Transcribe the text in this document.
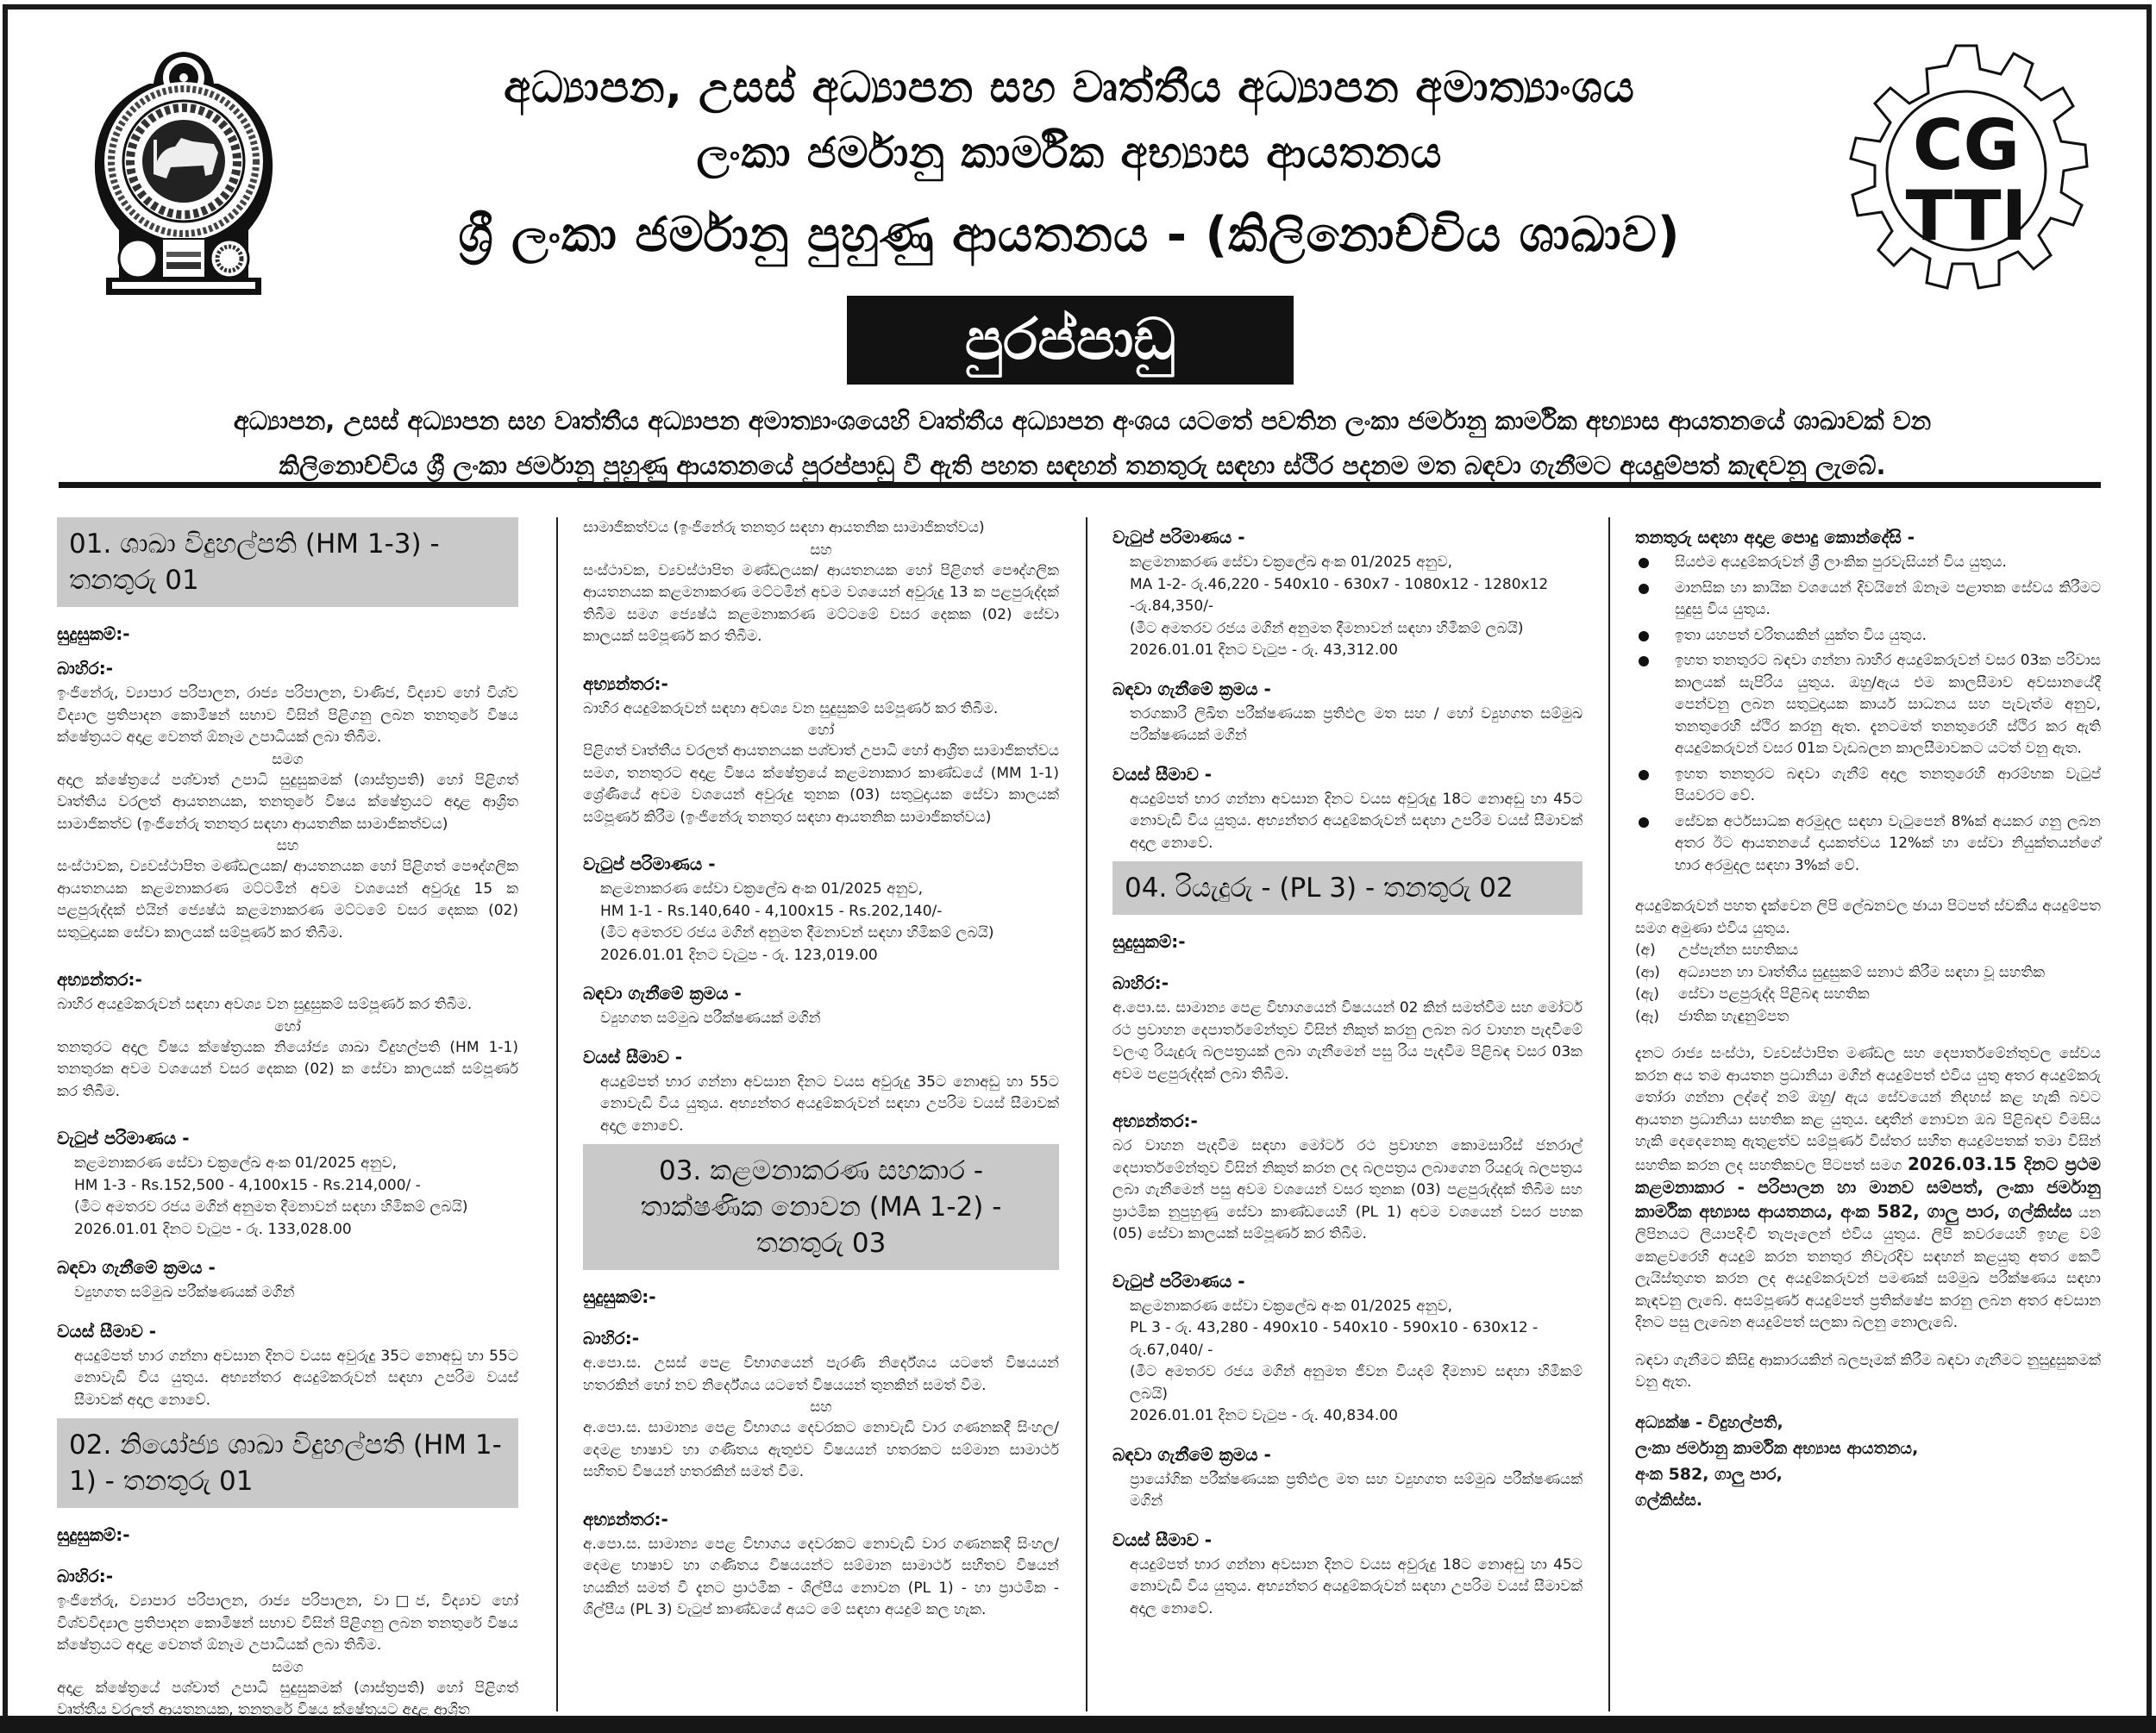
CG
TTI
අධ්‍යාපන, උසස් අධ්‍යාපන සහ වෘත්තීය අධ්‍යාපන අමාත්‍යාංශය
ලංකා ජර්මානු කාර්මික අභ්‍යාස ආයතනය
ශ්‍රී ලංකා ජර්මානු පුහුණු ආයතනය - (කිලිනොච්චිය ශාඛාව)
පුරප්පාඩු
අධ්‍යාපන, උසස් අධ්‍යාපන සහ වෘත්තීය අධ්‍යාපන අමාත්‍යාංශයෙහි වෘත්තීය අධ්‍යාපන අංශය යටතේ පවතින ලංකා ජර්මානු කාර්මික අභ්‍යාස ආයතනයේ ශාඛාවක් වන
කිලිනොච්චිය ශ්‍රී ලංකා ජර්මානු පුහුණු ආයතනයේ පුරප්පාඩු වී ඇති පහත සඳහන් තනතුරු සඳහා ස්ථිර පදනම මත බඳවා ගැනීමට අයදුම්පත් කැඳවනු ලැබේ.
01. ශාඛා විදුහල්පති (HM 1-3) - තනතුරු 01
සුදුසුකම්:-
බාහිර:-
ඉංජිනේරු, ව්‍යාපාර පරිපාලන, රාජ්‍ය පරිපාලන, වාණිජ, විද්‍යාව හෝ විශ්ව විද්‍යාල ප්‍රතිපාදන කොමිෂන් සභාව විසින් පිළිගනු ලබන තනතුරේ විෂය ක්ෂේත්‍රයට අදාළ වෙනත් ඕනෑම උපාධියක් ලබා තිබීම.
සමග
අදාල ක්ෂේත්‍රයේ පශ්චාත් උපාධි සුදුසුකමක් (ශාස්ත්‍රපති) හෝ පිළිගත් වෘත්තිය වරලත් ආයතනයක, තනතුරේ විෂය ක්ෂේත්‍රයට අදාළ ආශ්‍රිත සාමාජිකත්ව (ඉංජිනේරු තනතුර සඳහා ආයතනික සාමාජිකත්වය)
සහ
සංස්ථාවක, ව්‍යවස්ථාපිත මණ්ඩලයක/ ආයතනයක හෝ පිළිගත් පෞද්ගලික ආයතනයක කළමනාකරණ මට්ටමින් අවම වශයෙන් අවුරුදු 15 ක පළපුරුද්දක් එයින් ජ්‍යෙෂ්ඨ කළමනාකරණ මට්ටමේ වසර දෙකක (02) සතුටුදායක සේවා කාලයක් සම්පූර්ණ කර තිබීම.
අභ්‍යන්තර:-
බාහිර අයදුම්කරුවන් සඳහා අවශ්‍ය වන සුදුසුකම් සම්පූර්ණ කර තිබීම.
හෝ
තනතුරට අදාල විෂය ක්ෂේත්‍රයක නියෝජ්‍ය ශාඛා විදුහල්පති (HM 1-1) තනතුරක අවම වශයෙන් වසර දෙකක (02) ක සේවා කාලයක් සම්පූර්ණ කර තිබීම.
වැටුප් පරිමාණය -
කළමනාකරණ සේවා චක්‍රලේඛ අංක 01/2025 අනුව,
HM 1-3 - Rs.152,500 - 4,100x15 - Rs.214,000/ -
(මීට අමතරව රජය මගින් අනුමත දීමනාවන් සඳහා හිමිකම් ලබයි)
2026.01.01 දිනට වැටුප - රු. 133,028.00
බඳවා ගැනීමේ ක්‍රමය -
ව්‍යුහගත සම්මුඛ පරීක්ෂණයක් මගින්
වයස් සීමාව -
අයදුම්පත් භාර ගන්නා අවසාන දිනට වයස අවුරුදු 35ට නොඅඩු හා 55ට නොවැඩි විය යුතුය. අභ්‍යන්තර අයදුම්කරුවන් සඳහා උපරිම වයස් සීමාවක් අදාල නොවේ.
02. නියෝජ්‍ය ශාඛා විදුහල්පති (HM 1-1) - තනතුරු 01
සුදුසුකම්:-
බාහිර:-
ඉංජිනේරු, ව්‍යාපාර පරිපාලන, රාජ්‍ය පරිපාලන, වා□ජ, විද්‍යාව හෝ විශ්වවිද්‍යාල ප්‍රතිපාදන කොමිෂන් සභාව විසින් පිළිගනු ලබන තනතුරේ විෂය ක්ෂේත්‍රයට අදාළ වෙනත් ඕනෑම උපාධියක් ලබා තිබීම.
සමග
අදාළ ක්ෂේත්‍රයේ පශ්චාත් උපාධි සුදුසුකමක් (ශාස්ත්‍රපති) හෝ පිළිගත් වෘත්තීය වරලත් ආයතනයක, තනතුරේ විෂය ක්ෂේත්‍රයට අදාළ ආශ්‍රිත
සාමාජිකත්වය (ඉංජිනේරු තනතුර සඳහා ආයතනික සාමාජිකත්වය)
සහ
සංස්ථාවක, ව්‍යවස්ථාපිත මණ්ඩලයක/ ආයතනයක හෝ පිළිගත් පෞද්ගලික ආයතනයක කළමනාකරණ මට්ටමින් අවම වශයෙන් අවුරුදු 13 ක පළපුරුද්දක් තිබීම සමග ජ්‍යෙෂ්ඨ කළමනාකරණ මට්ටමේ වසර දෙකක (02) සේවා කාලයක් සම්පූර්ණ කර තිබීම.
අභ්‍යන්තර:-
බාහිර අයදුම්කරුවන් සඳහා අවශ්‍ය වන සුදුසුකම් සම්පූර්ණ කර තිබීම.
හෝ
පිළිගත් වෘත්තීය වරලත් ආයතනයක පශ්චාත් උපාධි හෝ ආශ්‍රිත සාමාජිකත්වය සමග, තනතුරට අදාළ විෂය ක්ෂේත්‍රයේ කළමනාකාර කාණ්ඩයේ (MM 1-1) ශ්‍රේණියේ අවම වශයෙන් අවුරුදු තුනක (03) සතුටුදායක සේවා කාලයක් සම්පූර්ණ කිරීම (ඉංජිනේරු තනතුර සඳහා ආයතනික සාමාජිකත්වය)
වැටුප් පරිමාණය -
කළමනාකරණ සේවා චක්‍රලේඛ අංක 01/2025 අනුව,
HM 1-1 - Rs.140,640 - 4,100x15 - Rs.202,140/-
(මීට අමතරව රජය මගින් අනුමත දීමනාවන් සඳහා හිමිකම් ලබයි)
2026.01.01 දිනට වැටුප - රු. 123,019.00
බඳවා ගැනීමේ ක්‍රමය -
ව්‍යුහගත සම්මුඛ පරීක්ෂණයක් මගින්
වයස් සීමාව -
අයදුම්පත් භාර ගන්නා අවසාන දිනට වයස අවුරුදු 35ට නොඅඩු හා 55ට නොවැඩි විය යුතුය. අභ්‍යන්තර අයදුම්කරුවන් සඳහා උපරිම වයස් සීමාවක් අදාල නොවේ.
03. කළමනාකරණ සහකාර - තාක්ෂණික නොවන (MA 1-2) - තනතුරු 03
සුදුසුකම්:-
බාහිර:-
අ.පො.ස. උසස් පෙළ විභාගයෙන් පැරණි නිර්දේශය යටතේ විෂයයන් හතරකින් හෝ නව නිර්දේශය යටතේ විෂයයන් තුනකින් සමත් වීම.
සහ
අ.පො.ස. සාමාන්‍ය පෙළ විභාගය දෙවරකට නොවැඩි වාර ගණනකදී සිංහල/ දෙමළ භාෂාව හා ගණිතය ඇතුළුව විෂයයන් හතරකට සම්මාන සාමාර්ථ සහිතව විෂයන් හතරකින් සමත් වීම.
අභ්‍යන්තර:-
අ.පො.ස. සාමාන්‍ය පෙළ විභාගය දෙවරකට නොවැඩි වාර ගණනකදී සිංහල/ දෙමළ භාෂාව හා ගණිතය විෂයයන්ට සම්මාන සාමාර්ථ සහිතව විෂයන් හයකින් සමත් වී දැනට ප්‍රාථමික - ශිල්පීය නොවන (PL 1) - හා ප්‍රාථමික - ශිල්පීය (PL 3) වැටුප් කාණ්ඩයේ අයට මේ සඳහා අයදුම් කල හැක.
වැටුප් පරිමාණය -
කළමනාකරණ සේවා චක්‍රලේඛ අංක 01/2025 අනුව,
MA 1-2- රු.46,220 - 540x10 - 630x7 - 1080x12 - 1280x12 -රු.84,350/-
(මීට අමතරව රජය මගින් අනුමත දීමනාවන් සඳහා හිමිකම් ලබයි)
2026.01.01 දිනට වැටුප - රු. 43,312.00
බඳවා ගැනීමේ ක්‍රමය -
තරගකාරී ලිඛිත පරීක්ෂණයක ප්‍රතිඵල මත සහ / හෝ ව්‍යුහගත සම්මුඛ පරීක්ෂණයක් මගින්
වයස් සීමාව -
අයදුම්පත් භාර ගන්නා අවසාන දිනට වයස අවුරුදු 18ට නොඅඩු හා 45ට නොවැඩි විය යුතුය. අභ්‍යන්තර අයදුම්කරුවන් සඳහා උපරිම වයස් සීමාවක් අදාල නොවේ.
04. රියැදුරු - (PL 3) - තනතුරු 02
සුදුසුකම්:-
බාහිර:-
අ.පො.ස. සාමාන්‍ය පෙළ විභාගයෙන් විෂයයන් 02 කින් සමත්වීම සහ මෝටර් රථ ප්‍රවාහන දෙපාර්තමේන්තුව විසින් නිකුත් කරනු ලබන බර වාහන පැදවීමේ වලංගු රියැදුරු බලපත්‍රයක් ලබා ගැනීමෙන් පසු රිය පැදවීම පිළිබඳ වසර 03ක අවම පළපුරුද්දක් ලබා තිබීම.
අභ්‍යන්තර:-
බර වාහන පැදවීම සඳහා මෝටර් රථ ප්‍රවාහන කොමසාරිස් ජනරාල් දෙපාර්තමේන්තුව විසින් නිකුත් කරන ලද බලපත්‍රය ලබාගෙන රියදුරු බලපත්‍රය ලබා ගැනීමෙන් පසු අවම වශයෙන් වසර තුනක (03) පළපුරුද්දක් තිබීම සහ ප්‍රාථමික නුපුහුණු සේවා කාණ්ඩයෙහි (PL 1) අවම වශයෙන් වසර පහක (05) සේවා කාලයක් සම්පූර්ණ කර තිබීම.
වැටුප් පරිමාණය -
කළමනාකරණ සේවා චක්‍රලේඛ අංක 01/2025 අනුව,
PL 3 - රු. 43,280 - 490x10 - 540x10 - 590x10 - 630x12 - රු.67,040/ -
(මීට අමතරව රජය මගින් අනුමත ජීවන වියදම් දීමනාව සඳහා හිමිකම් ලබයි)
2026.01.01 දිනට වැටුප - රු. 40,834.00
බඳවා ගැනීමේ ක්‍රමය -
ප්‍රායෝගික පරීක්ෂණයක ප්‍රතිඵල මත සහ ව්‍යුහගත සම්මුඛ පරීක්ෂණයක් මගින්
වයස් සීමාව -
අයදුම්පත් භාර ගන්නා අවසාන දිනට වයස අවුරුදු 18ට නොඅඩු හා 45ට නොවැඩි විය යුතුය. අභ්‍යන්තර අයදුම්කරුවන් සඳහා උපරිම වයස් සීමාවක් අදාල නොවේ.
තනතුරු සඳහා අදාළ පොදු කොන්දේසි -
සියළුම අයදුම්කරුවන් ශ්‍රී ලාංකික පුරවැසියන් විය යුතුය.
මානසික හා කායික වශයෙන් දිවයිනේ ඕනෑම පළාතක සේවය කිරීමට සුදුසු විය යුතුය.
ඉතා යහපත් චරිතයකින් යුක්ත විය යුතුය.
ඉහත තනතුරට බඳවා ගන්නා බාහිර අයදුම්කරුවන් වසර 03ක පරිවාස කාලයක් සැපිරිය යුතුය. ඔහු/ඇය එම කාලසීමාව අවසානයේදී පෙන්වනු ලබන සතුටුදායක කාර්ය සාධනය සහ පැවැත්ම අනුව, තනතුරෙහි ස්ථිර කරනු ඇත. දැනටමත් තනතුරෙහි ස්ථිර කර ඇති අයදුම්කරුවන් වසර 01ක වැඩබලන කාලසීමාවකට යටත් වනු ඇත.
ඉහත තනතුරට බඳවා ගැනීම් අදාල තනතුරෙහි ආරම්භක වැටුප් පියවරට වේ.
සේවක අර්ථසාධක අරමුදල සඳහා වැටුපෙන් 8%ක් අයකර ගනු ලබන අතර ඊට ආයතනයේ දායකත්වය 12%ක් හා සේවා නියුක්තයන්ගේ භාර අරමුදල සඳහා 3%ක් වේ.
අයදුම්කරුවන් පහත දැක්වෙන ලිපි ලේඛනවල ඡායා පිටපත් ස්වකීය අයදුම්පත සමග අමුණා එවිය යුතුය.
(අ)	උප්පැන්න සහතිකය
(ආ)	අධ්‍යාපන හා වෘත්තීය සුදුසුකම් සනාථ කිරීම සඳහා වූ සහතික
(ඇ)	සේවා පළපුරුද්ද පිළිබඳ සහතික
(ඈ)	ජාතික හැඳුනුම්පත
දැනට රාජ්‍ය සංස්ථා, ව්‍යවස්ථාපිත මණ්ඩල සහ දෙපාර්තමේන්තුවල සේවය කරන අය තම ආයතන ප්‍රධානියා මගින් අයදුම්පත් එවිය යුතු අතර අයදුම්කරු තෝරා ගන්නා ලද්දේ නම් ඔහු/ ඇය සේවයෙන් නිදහස් කළ හැකි බවට ආයතන ප්‍රධානියා සහතික කළ යුතුය. ඥාතීන් නොවන ඔබ පිළිබඳව විමසිය හැකි දෙදෙනෙකු ඇතුළත්ව සම්පූර්ණ විස්තර සහිත අයදුම්පතක් තමා විසින් සහතික කරන ලද සහතිකවල පිටපත් සමග 2026.03.15 දිනට ප්‍රථම කළමනාකාර - පරිපාලන හා මානව සම්පත්, ලංකා ජර්මානු කාර්මික අභ්‍යාස ආයතනය, අංක 582, ගාලු පාර, ගල්කිස්ස යන ලිපිනයට ලියාපදිංචි තැපෑලෙන් එවිය යුතුය. ලිපි කවරයෙහි ඉහළ වම් කෙළවරෙහි අයදුම් කරන තනතුර නිවැරදිව සඳහන් කළයුතු අතර කෙටි ලැයිස්තුගත කරන ලද අයදුම්කරුවන් පමණක් සම්මුඛ පරීක්ෂණය සඳහා කැඳවනු ලැබේ. අසම්පූර්ණ අයදුම්පත් ප්‍රතික්ෂේප කරනු ලබන අතර අවසාන දිනට පසු ලැබෙන අයදුම්පත් සලකා බලනු නොලැබේ.
බඳවා ගැනීමට කිසිදු ආකාරයකින් බලපෑමක් කිරීම බඳවා ගැනීමට නුසුදුසුකමක් වනු ඇත.
අධ්‍යක්ෂ - විදුහල්පති,
ලංකා ජර්මානු කාර්මික අභ්‍යාස ආයතනය,
අංක 582, ගාලු පාර,
ගල්කිස්ස.
